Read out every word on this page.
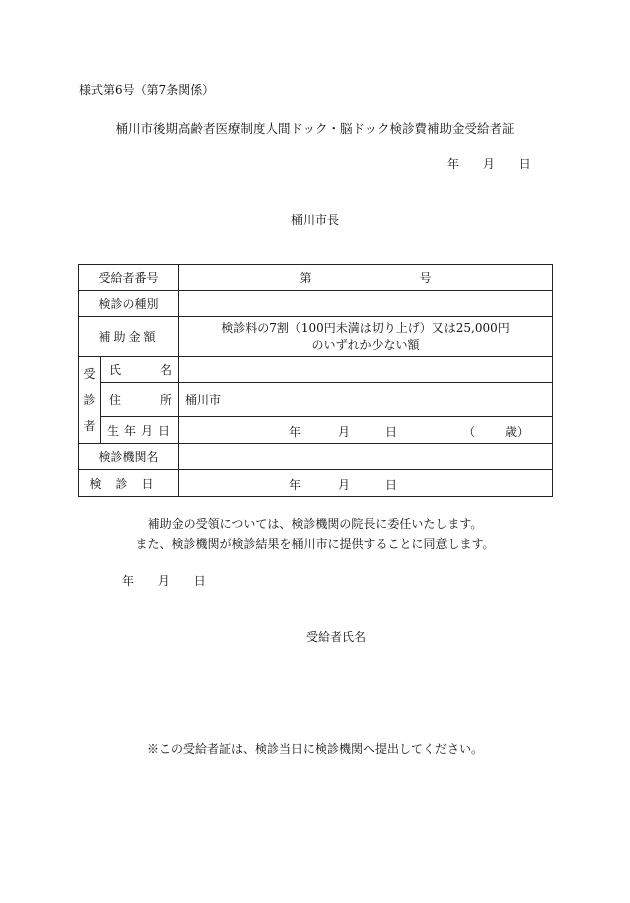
様式第6号（第7条関係）
桶川市後期高齢者医療制度人間ドック・脳ドック検診費補助金受給者証
年 月 日
桶川市長
受給者番号		第 号
検診の種別		
補助金額		検診料の7割（100円未満は切り上げ）又は25,000円
のいずれか少ない額

受
診
者	氏 名	

	住 所	桶川市
	生年月日	年 月 日 （ 歳）

検診機関名		
検診日		年 月 日
補助金の受領については、検診機関の院長に委任いたします。
また、検診機関が検診結果を桶川市に提供することに同意します。
年 月 日
受給者氏名
※この受給者証は、検診当日に検診機関へ提出してください。
